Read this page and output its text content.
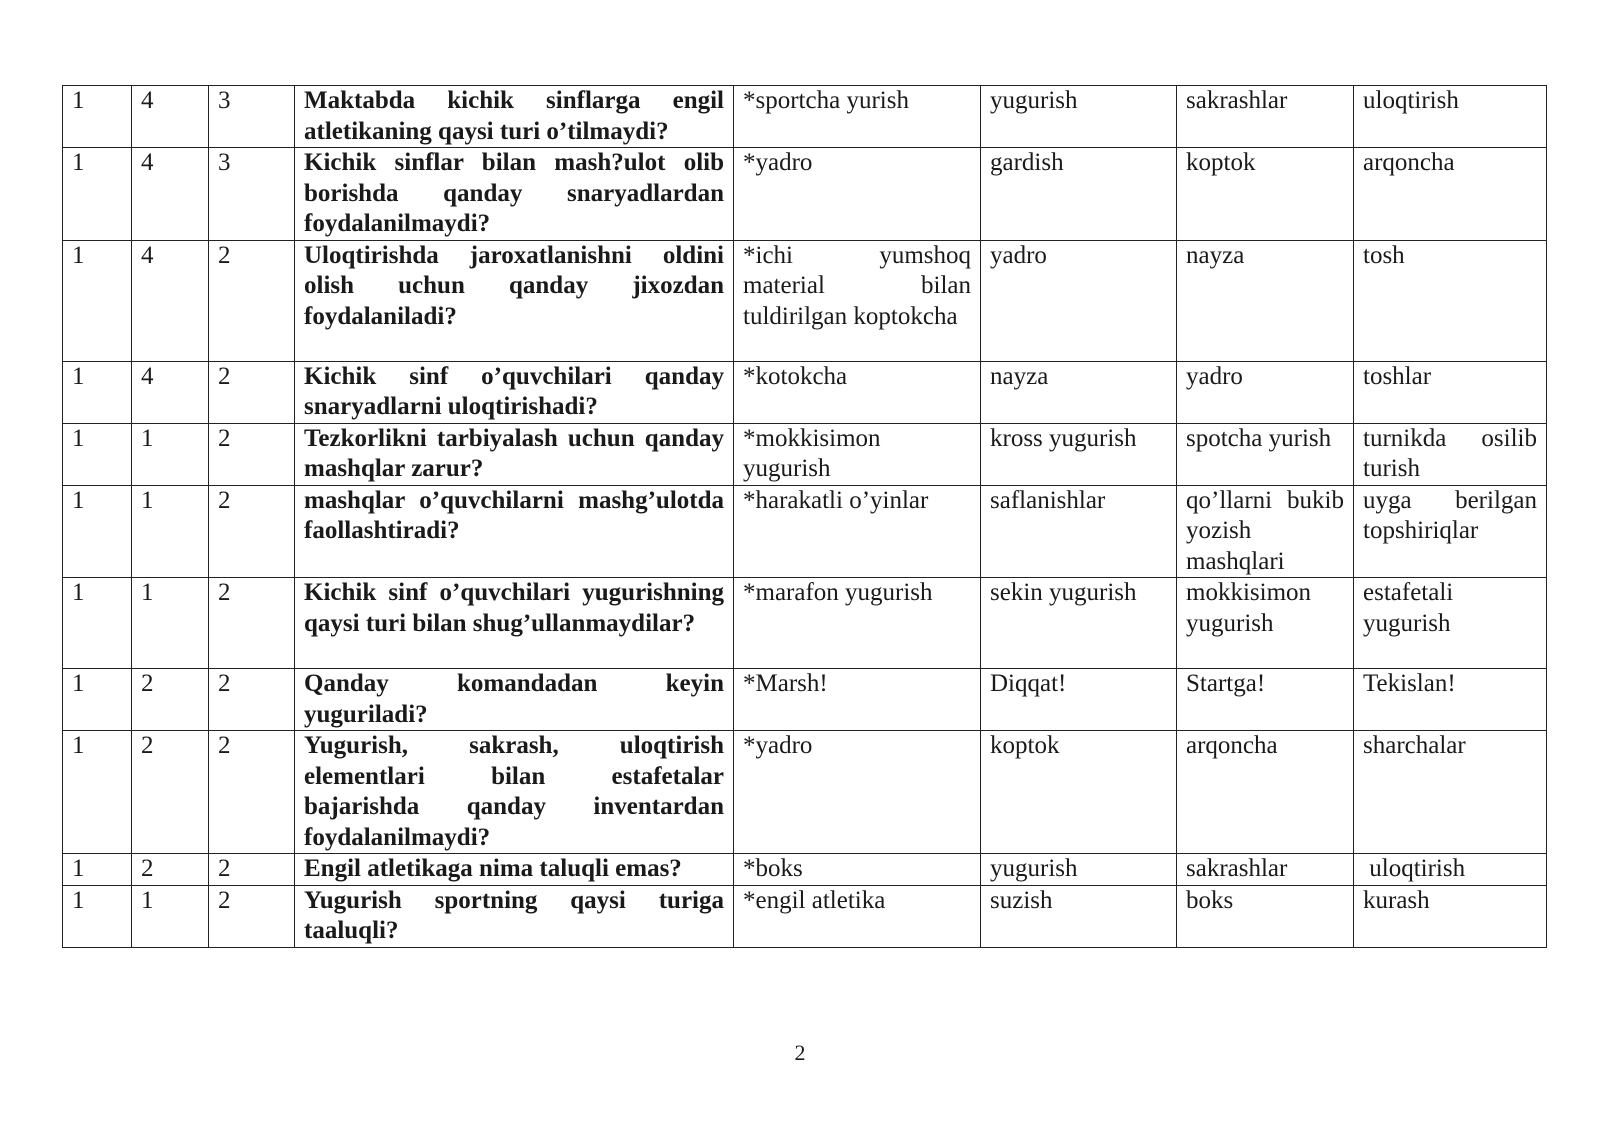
1	4	3	Maktabda kichik sinflarga engil atletikaning qaysi turi o’tilmaydi?	*sportcha yurish	yugurish	sakrashlar	uloqtirish
1	4	3	Kichik sinflar bilan mash?ulot olib borishda qanday snaryadlardan foydalanilmaydi?	*yadro	gardish	koptok	arqoncha
1	4	2	Uloqtirishda jaroxatlanishni oldini olish uchun qanday jixozdan foydalaniladi?	*ichi yumshoq material bilan tuldirilgan koptokcha	yadro	nayza	tosh
1	4	2	Kichik sinf o’quvchilari qanday snaryadlarni uloqtirishadi?	*kotokcha	nayza	yadro	toshlar
1	1	2	Tezkorlikni tarbiyalash uchun qanday mashqlar zarur?	*mokkisimon yugurish	kross yugurish	spotcha yurish	turnikda osilib turish
1	1	2	mashqlar o’quvchilarni mashg’ulotda faollashtiradi?	*harakatli o’yinlar	saflanishlar	qo’llarni bukib yozish mashqlari	uyga berilgan topshiriqlar
1	1	2	Kichik sinf o’quvchilari yugurishning qaysi turi bilan shug’ullanmaydilar?	*marafon yugurish	sekin yugurish	mokkisimon yugurish	estafetali yugurish
1	2	2	Qanday komandadan keyin yuguriladi?	*Marsh!	Diqqat!	Startga!	Tekislan!
1	2	2	Yugurish, sakrash, uloqtirish elementlari bilan estafetalar bajarishda qanday inventardan foydalanilmaydi?	*yadro	koptok	arqoncha	sharchalar
1	2	2	Engil atletikaga nima taluqli emas?	*boks	yugurish	sakrashlar	uloqtirish
1	1	2	Yugurish sportning qaysi turiga taaluqli?	*engil atletika	suzish	boks	kurash
2
